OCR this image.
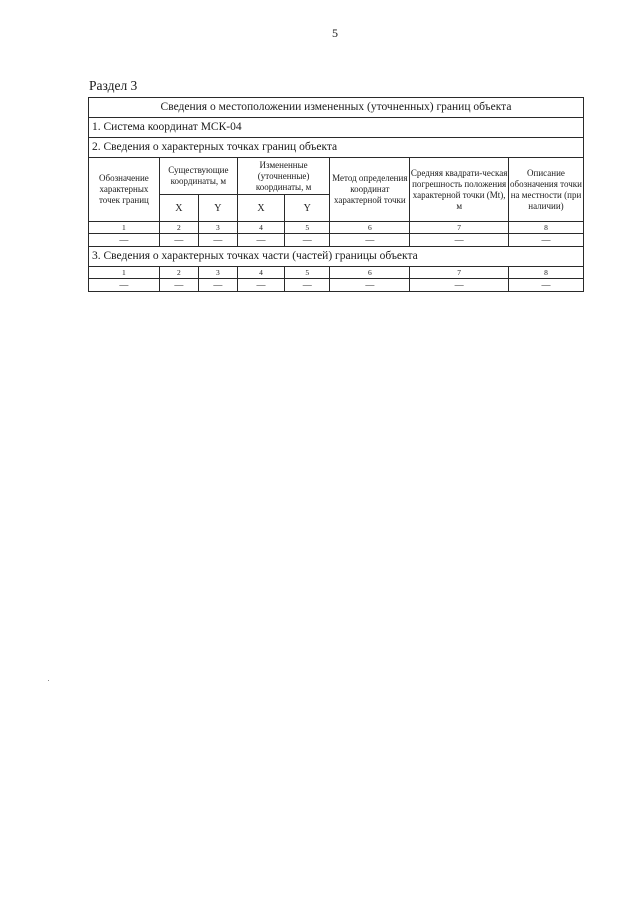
5
Раздел 3
Сведения о местоположении измененных (уточненных) границ объекта							
1. Система координат МСК-04							
2. Сведения о характерных точках границ объекта							
Обозначение характерных точек границ	Существующие координаты, м		Измененные (уточненные) координаты, м		Метод определения координат характерной точки	Средняя квадрати-ческая погрешность положения характерной точки (Mt), м	Описание обозначения точки на местности (при наличии)
	X	Y	X	Y			
1	2	3	4	5	6	7	8
—	—	—	—	—	—	—	—
3. Сведения о характерных точках части (частей) границы объекта							
1	2	3	4	5	6	7	8
—	—	—	—	—	—	—	—
